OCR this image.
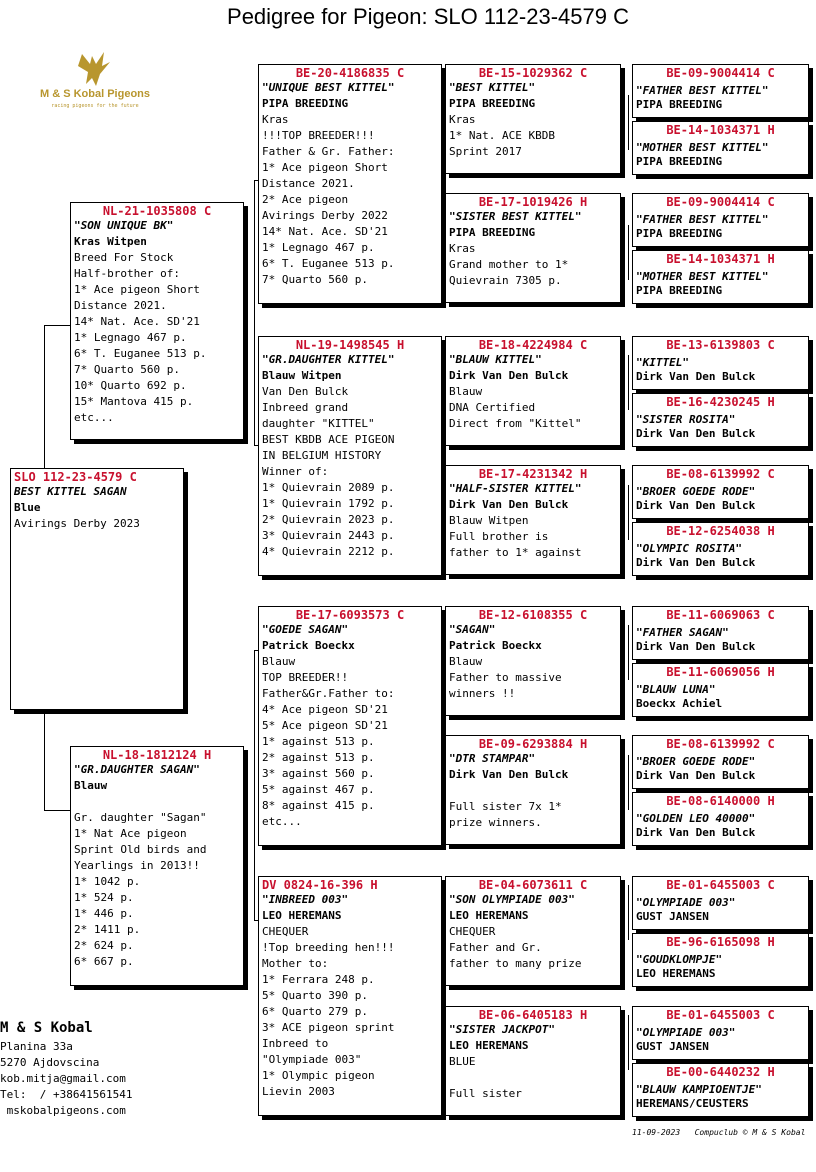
Pedigree for Pigeon: SLO 112-23-4579 C
M & S Kobal Pigeons
racing pigeons for the future
SLO 112-23-4579 C
BEST KITTEL SAGAN
Blue
Avirings Derby 2023
NL-21-1035808 C
"SON UNIQUE BK"
Kras Witpen
Breed For Stock
Half-brother of:
1* Ace pigeon Short
Distance 2021.
14* Nat. Ace. SD'21
1* Legnago 467 p.
6* T. Euganee 513 p.
7* Quarto 560 p.
10* Quarto 692 p.
15* Mantova 415 p.
etc...
NL-18-1812124 H
"GR.DAUGHTER SAGAN"
Blauw
Gr. daughter "Sagan"
1* Nat Ace pigeon
Sprint Old birds and
Yearlings in 2013!!
1* 1042 p.
1* 524 p.
1* 446 p.
2* 1411 p.
2* 624 p.
6* 667 p.
BE-20-4186835 C
"UNIQUE BEST KITTEL"
PIPA BREEDING
Kras
!!!TOP BREEDER!!!
Father & Gr. Father:
1* Ace pigeon Short
Distance 2021.
2* Ace pigeon
Avirings Derby 2022
14* Nat. Ace. SD'21
1* Legnago 467 p.
6* T. Euganee 513 p.
7* Quarto 560 p.
NL-19-1498545 H
"GR.DAUGHTER KITTEL"
Blauw Witpen
Van Den Bulck
Inbreed grand
daughter "KITTEL"
BEST KBDB ACE PIGEON
IN BELGIUM HISTORY
Winner of:
1* Quievrain 2089 p.
1* Quievrain 1792 p.
2* Quievrain 2023 p.
3* Quievrain 2443 p.
4* Quievrain 2212 p.
BE-17-6093573 C
"GOEDE SAGAN"
Patrick Boeckx
Blauw
TOP BREEDER!!
Father&Gr.Father to:
4* Ace pigeon SD'21
5* Ace pigeon SD'21
1* against 513 p.
2* against 513 p.
3* against 560 p.
5* against 467 p.
8* against 415 p.
etc...
DV 0824-16-396 H
"INBREED 003"
LEO HEREMANS
CHEQUER
!Top breeding hen!!!
Mother to:
1* Ferrara 248 p.
5* Quarto 390 p.
6* Quarto 279 p.
3* ACE pigeon sprint
Inbreed to
"Olympiade 003"
1* Olympic pigeon
Lievin 2003
BE-15-1029362 C
"BEST KITTEL"
PIPA BREEDING
Kras
1* Nat. ACE KBDB
Sprint 2017
BE-17-1019426 H
"SISTER BEST KITTEL"
PIPA BREEDING
Kras
Grand mother to 1*
Quievrain 7305 p.
BE-18-4224984 C
"BLAUW KITTEL"
Dirk Van Den Bulck
Blauw
DNA Certified
Direct from "Kittel"
BE-17-4231342 H
"HALF-SISTER KITTEL"
Dirk Van Den Bulck
Blauw Witpen
Full brother is
father to 1* against
BE-12-6108355 C
"SAGAN"
Patrick Boeckx
Blauw
Father to massive
winners !!
BE-09-6293884 H
"DTR STAMPAR"
Dirk Van Den Bulck
Full sister 7x 1*
prize winners.
BE-04-6073611 C
"SON OLYMPIADE 003"
LEO HEREMANS
CHEQUER
Father and Gr.
father to many prize
BE-06-6405183 H
"SISTER JACKPOT"
LEO HEREMANS
BLUE
Full sister
BE-09-9004414 C
"FATHER BEST KITTEL"
PIPA BREEDING
BE-14-1034371 H
"MOTHER BEST KITTEL"
PIPA BREEDING
BE-09-9004414 C
"FATHER BEST KITTEL"
PIPA BREEDING
BE-14-1034371 H
"MOTHER BEST KITTEL"
PIPA BREEDING
BE-13-6139803 C
"KITTEL"
Dirk Van Den Bulck
BE-16-4230245 H
"SISTER ROSITA"
Dirk Van Den Bulck
BE-08-6139992 C
"BROER GOEDE RODE"
Dirk Van Den Bulck
BE-12-6254038 H
"OLYMPIC ROSITA"
Dirk Van Den Bulck
BE-11-6069063 C
"FATHER SAGAN"
Dirk Van Den Bulck
BE-11-6069056 H
"BLAUW LUNA"
Boeckx Achiel
BE-08-6139992 C
"BROER GOEDE RODE"
Dirk Van Den Bulck
BE-08-6140000 H
"GOLDEN LEO 40000"
Dirk Van Den Bulck
BE-01-6455003 C
"OLYMPIADE 003"
GUST JANSEN
BE-96-6165098 H
"GOUDKLOMPJE"
LEO HEREMANS
BE-01-6455003 C
"OLYMPIADE 003"
GUST JANSEN
BE-00-6440232 H
"BLAUW KAMPIOENTJE"
HEREMANS/CEUSTERS
M & S Kobal
Planina 33a
5270 Ajdovscina
kob.mitja@gmail.com
Tel:  / +38641561541
mskobalpigeons.com
11-09-2023   Compuclub © M & S Kobal
